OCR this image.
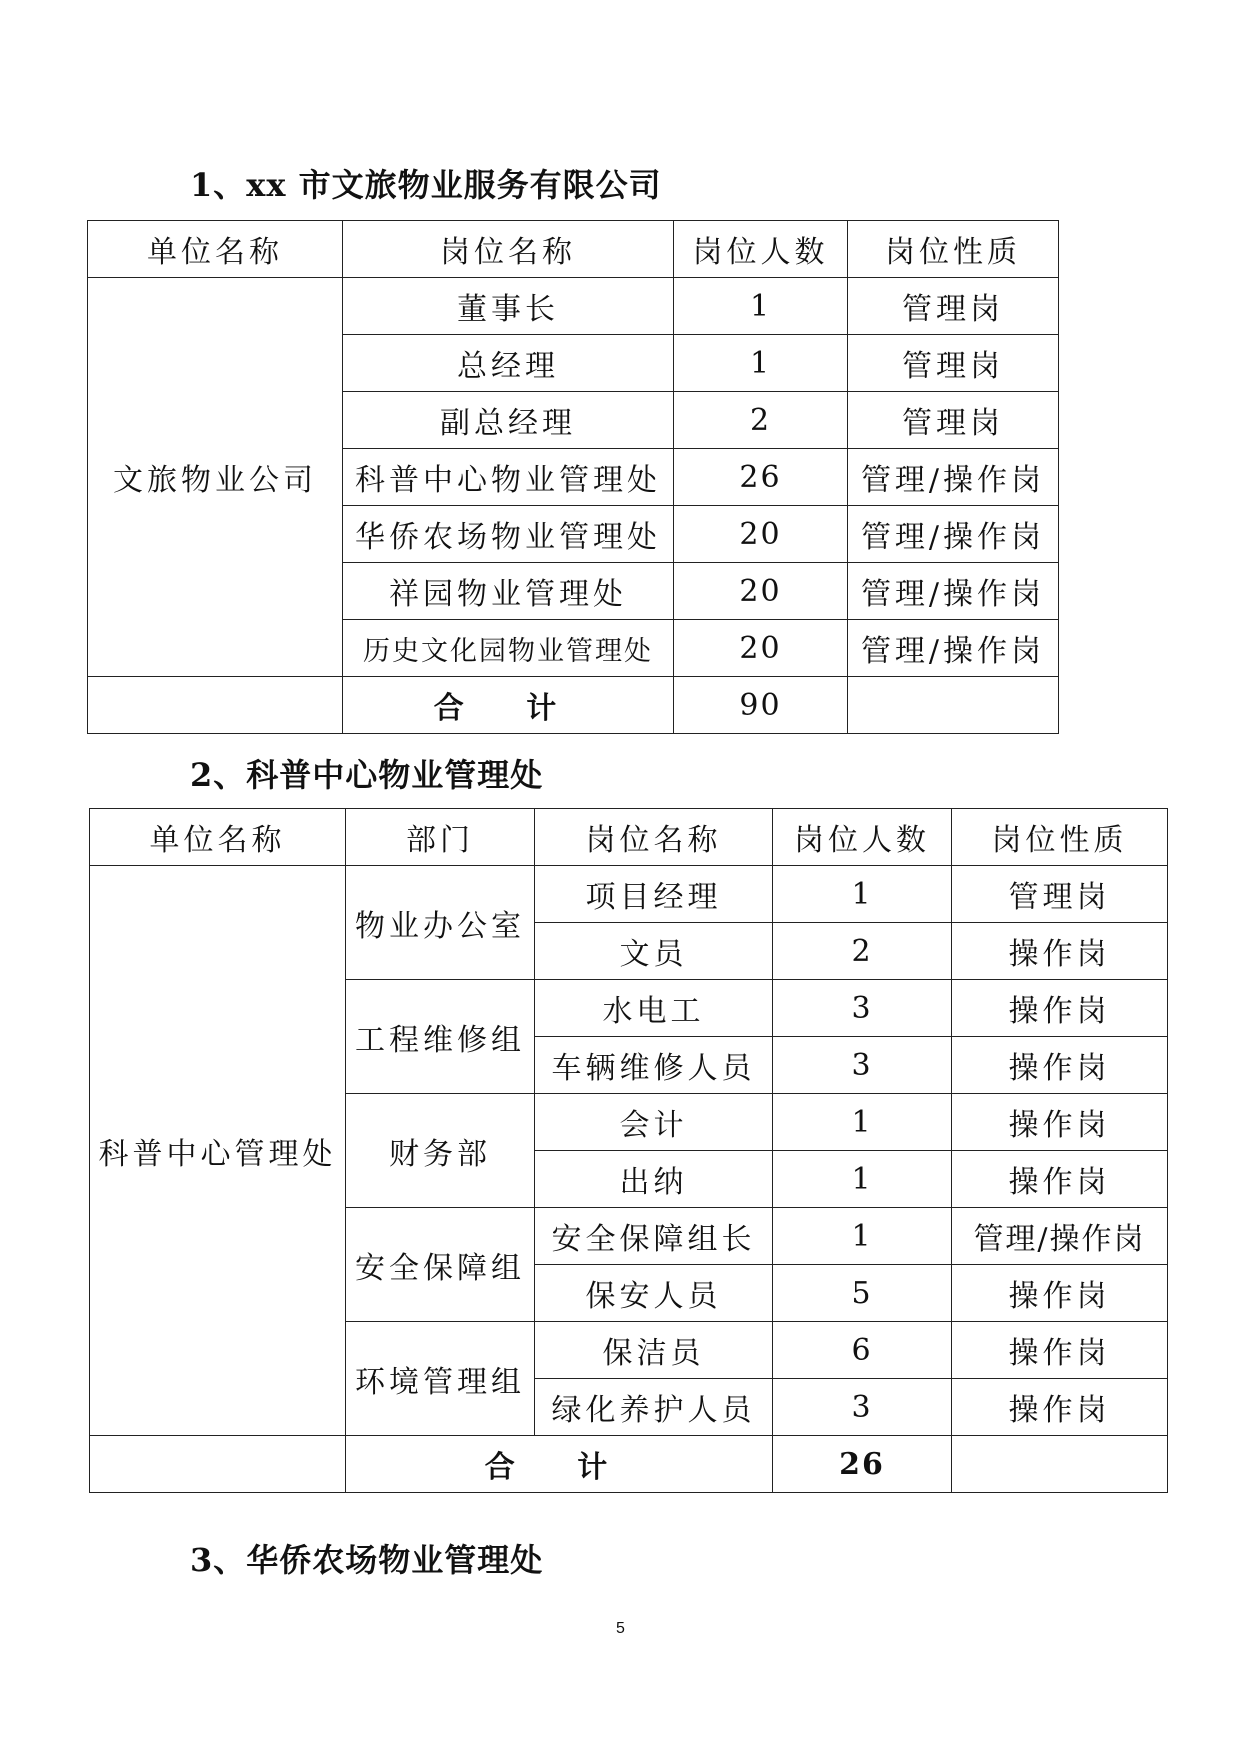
1、xx 市文旅物业服务有限公司
单位名称	岗位名称	岗位人数	岗位性质
文旅物业公司	董事长	1	管理岗
	总经理	1	管理岗
	副总经理	2	管理岗
	科普中心物业管理处	26	管理/操作岗
	华侨农场物业管理处	20	管理/操作岗
	祥园物业管理处	20	管理/操作岗
	历史文化园物业管理处	20	管理/操作岗
	合 计	90	
2、科普中心物业管理处
单位名称	部门	岗位名称	岗位人数	岗位性质
科普中心管理处	物业办公室	项目经理	1	管理岗
		文员	2	操作岗
	工程维修组	水电工	3	操作岗
		车辆维修人员	3	操作岗
	财务部	会计	1	操作岗
		出纳	1	操作岗
	安全保障组	安全保障组长	1	管理/操作岗
		保安人员	5	操作岗
	环境管理组	保洁员	6	操作岗
		绿化养护人员	3	操作岗
	合 计		26	
3、华侨农场物业管理处
5
